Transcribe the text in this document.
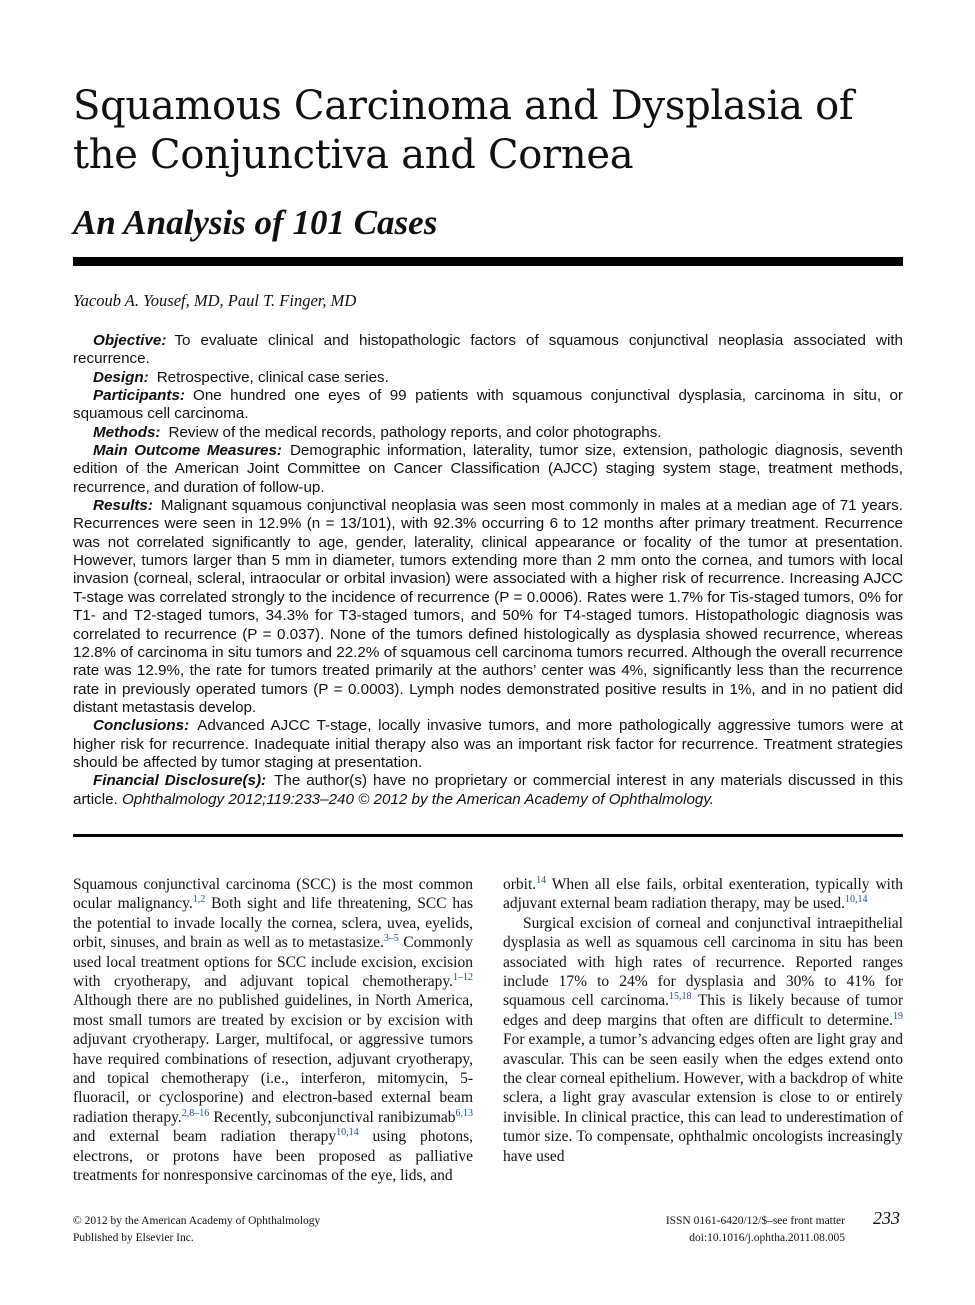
Squamous Carcinoma and Dysplasia of the Conjunctiva and Cornea
An Analysis of 101 Cases
Yacoub A. Yousef, MD, Paul T. Finger, MD

Objective: To evaluate clinical and histopathologic factors of squamous conjunctival neoplasia associated with recurrence.

Design: Retrospective, clinical case series.

Participants: One hundred one eyes of 99 patients with squamous conjunctival dysplasia, carcinoma in situ, or squamous cell carcinoma.

Methods: Review of the medical records, pathology reports, and color photographs.

Main Outcome Measures: Demographic information, laterality, tumor size, extension, pathologic diagnosis, seventh edition of the American Joint Committee on Cancer Classification (AJCC) staging system stage, treatment methods, recurrence, and duration of follow-up.

Results: Malignant squamous conjunctival neoplasia was seen most commonly in males at a median age of 71 years. Recurrences were seen in 12.9% (n = 13/101), with 92.3% occurring 6 to 12 months after primary treatment. Recurrence was not correlated significantly to age, gender, laterality, clinical appearance or focality of the tumor at presentation. However, tumors larger than 5 mm in diameter, tumors extending more than 2 mm onto the cornea, and tumors with local invasion (corneal, scleral, intraocular or orbital invasion) were associated with a higher risk of recurrence. Increasing AJCC T-stage was correlated strongly to the incidence of recurrence (P = 0.0006). Rates were 1.7% for Tis-staged tumors, 0% for T1- and T2-staged tumors, 34.3% for T3-staged tumors, and 50% for T4-staged tumors. Histopathologic diagnosis was correlated to recurrence (P = 0.037). None of the tumors defined histologically as dysplasia showed recurrence, whereas 12.8% of carcinoma in situ tumors and 22.2% of squamous cell carcinoma tumors recurred. Although the overall recurrence rate was 12.9%, the rate for tumors treated primarily at the authors’ center was 4%, significantly less than the recurrence rate in previously operated tumors (P = 0.0003). Lymph nodes demonstrated positive results in 1%, and in no patient did distant metastasis develop.

Conclusions: Advanced AJCC T-stage, locally invasive tumors, and more pathologically aggressive tumors were at higher risk for recurrence. Inadequate initial therapy also was an important risk factor for recurrence. Treatment strategies should be affected by tumor staging at presentation.

Financial Disclosure(s): The author(s) have no proprietary or commercial interest in any materials discussed in this article. Ophthalmology 2012;119:233–240 © 2012 by the American Academy of Ophthalmology.

Squamous conjunctival carcinoma (SCC) is the most common ocular malignancy.$^{1,2}$ Both sight and life threatening, SCC has the potential to invade locally the cornea, sclera, uvea, eyelids, orbit, sinuses, and brain as well as to metastasize.$^{3-5}$ Commonly used local treatment options for SCC include excision, excision with cryotherapy, and adjuvant topical chemotherapy.$^{1-12}$ Although there are no published guidelines, in North America, most small tumors are treated by excision or by excision with adjuvant cryotherapy. Larger, multifocal, or aggressive tumors have required combinations of resection, adjuvant cryotherapy, and topical chemotherapy (i.e., interferon, mitomycin, 5-fluoracil, or cyclosporine) and electron-based external beam radiation therapy.$^{2,8-16}$ Recently, subconjunctival ranibizumab$^{6,13}$ and external beam radiation therapy$^{10,14}$ using photons, electrons, or protons have been proposed as palliative treatments for nonresponsive carcinomas of the eye, lids, and

orbit.$^{14}$ When all else fails, orbital exenteration, typically with adjuvant external beam radiation therapy, may be used.$^{10,14}$

Surgical excision of corneal and conjunctival intraepithelial dysplasia as well as squamous cell carcinoma in situ has been associated with high rates of recurrence. Reported ranges include 17% to 24% for dysplasia and 30% to 41% for squamous cell carcinoma.$^{15,18}$ This is likely because of tumor edges and deep margins that often are difficult to determine.$^{19}$ For example, a tumor’s advancing edges often are light gray and avascular. This can be seen easily when the edges extend onto the clear corneal epithelium. However, with a backdrop of white sclera, a light gray avascular extension is close to or entirely invisible. In clinical practice, this can lead to underestimation of tumor size. To compensate, ophthalmic oncologists increasingly have used

© 2012 by the American Academy of Ophthalmology
Published by Elsevier Inc.
ISSN 0161-6420/12/$–see front matter
doi:10.1016/j.ophtha.2011.08.005
233
